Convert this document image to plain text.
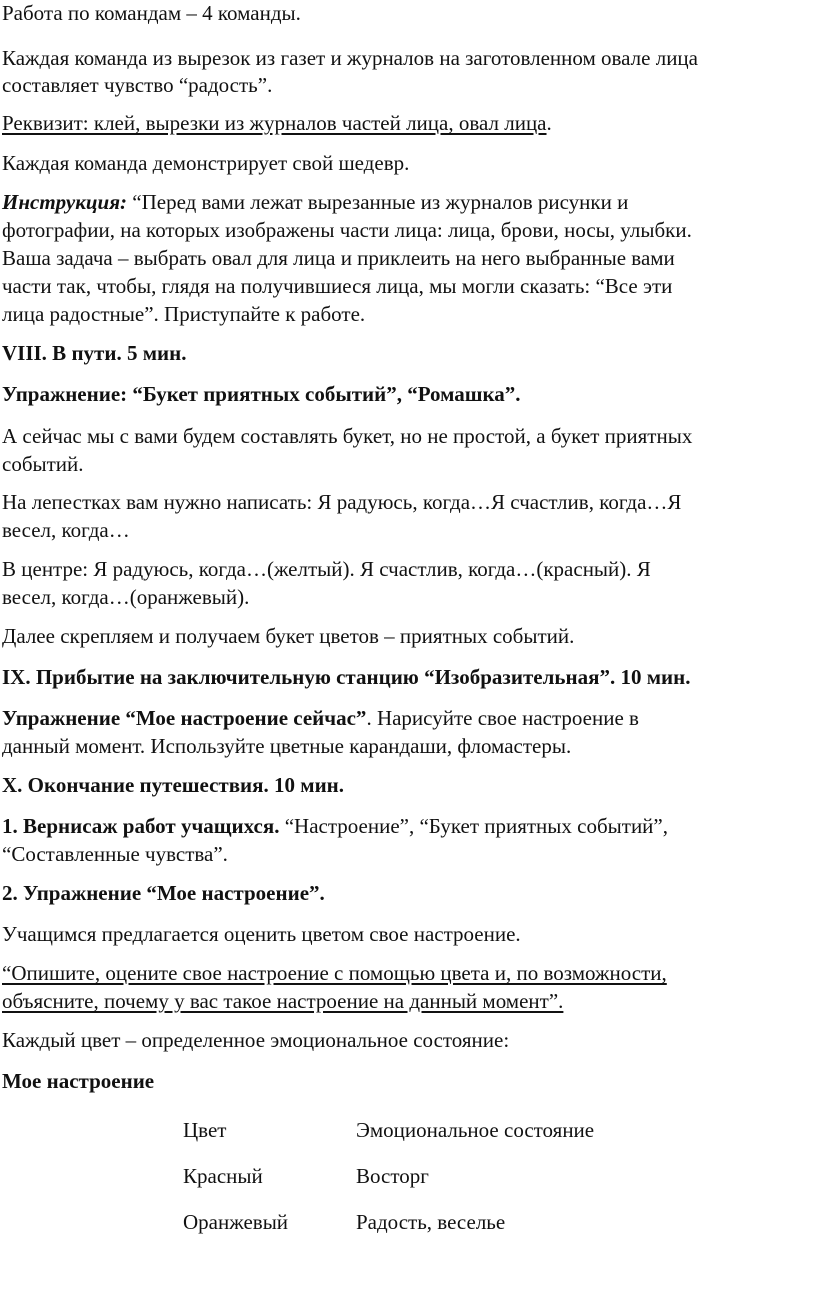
Работа по командам – 4 команды.
Каждая команда из вырезок из газет и журналов на заготовленном овале лица
составляет чувство “радость”.
Реквизит: клей, вырезки из журналов частей лица, овал лица.
Каждая команда демонстрирует свой шедевр.
Инструкция: “Перед вами лежат вырезанные из журналов рисунки и
фотографии, на которых изображены части лица: лица, брови, носы, улыбки.
Ваша задача – выбрать овал для лица и приклеить на него выбранные вами
части так, чтобы, глядя на получившиеся лица, мы могли сказать: “Все эти
лица радостные”. Приступайте к работе.
VIII. В пути. 5 мин.
Упражнение: “Букет приятных событий”, “Ромашка”.
А сейчас мы с вами будем составлять букет, но не простой, а букет приятных
событий.
На лепестках вам нужно написать: Я радуюсь, когда…Я счастлив, когда…Я
весел, когда…
В центре: Я радуюсь, когда…(желтый). Я счастлив, когда…(красный). Я
весел, когда…(оранжевый).
Далее скрепляем и получаем букет цветов – приятных событий.
IX. Прибытие на заключительную станцию “Изобразительная”. 10 мин.
Упражнение “Мое настроение сейчас”. Нарисуйте свое настроение в
данный момент. Используйте цветные карандаши, фломастеры.
X. Окончание путешествия. 10 мин.
1. Вернисаж работ учащихся. “Настроение”, “Букет приятных событий”,
“Составленные чувства”.
2. Упражнение “Мое настроение”.
Учащимся предлагается оценить цветом свое настроение.
“Опишите, оцените свое настроение с помощью цвета и, по возможности,
объясните, почему у вас такое настроение на данный момент”.
Каждый цвет – определенное эмоциональное состояние:
Мое настроение
Цвет	Эмоциональное состояние
Красный	Восторг
Оранжевый	Радость, веселье
